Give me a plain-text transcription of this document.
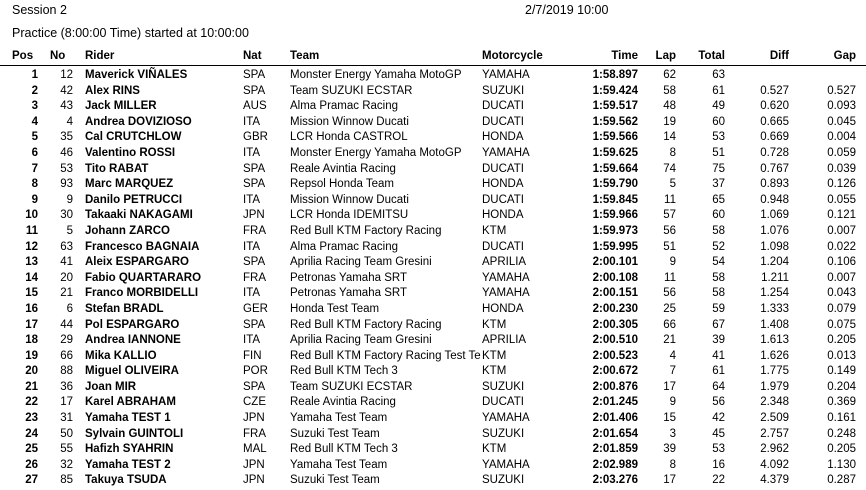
Session 2	2/7/2019 10:00
Practice (8:00:00 Time) started at 10:00:00
Pos	No	Rider	Nat	Team	Motorcycle	Time	Lap	Total	Diff	Gap
1	12	Maverick VIÑALES	SPA	Monster Energy Yamaha MotoGP	YAMAHA	1:58.897	62	63		
2	42	Alex RINS	SPA	Team SUZUKI ECSTAR	SUZUKI	1:59.424	58	61	0.527	0.527
3	43	Jack MILLER	AUS	Alma Pramac Racing	DUCATI	1:59.517	48	49	0.620	0.093
4	4	Andrea DOVIZIOSO	ITA	Mission Winnow Ducati	DUCATI	1:59.562	19	60	0.665	0.045
5	35	Cal CRUTCHLOW	GBR	LCR Honda CASTROL	HONDA	1:59.566	14	53	0.669	0.004
6	46	Valentino ROSSI	ITA	Monster Energy Yamaha MotoGP	YAMAHA	1:59.625	8	51	0.728	0.059
7	53	Tito RABAT	SPA	Reale Avintia Racing	DUCATI	1:59.664	74	75	0.767	0.039
8	93	Marc MARQUEZ	SPA	Repsol Honda Team	HONDA	1:59.790	5	37	0.893	0.126
9	9	Danilo PETRUCCI	ITA	Mission Winnow Ducati	DUCATI	1:59.845	11	65	0.948	0.055
10	30	Takaaki NAKAGAMI	JPN	LCR Honda IDEMITSU	HONDA	1:59.966	57	60	1.069	0.121
11	5	Johann ZARCO	FRA	Red Bull KTM Factory Racing	KTM	1:59.973	56	58	1.076	0.007
12	63	Francesco BAGNAIA	ITA	Alma Pramac Racing	DUCATI	1:59.995	51	52	1.098	0.022
13	41	Aleix ESPARGARO	SPA	Aprilia Racing Team Gresini	APRILIA	2:00.101	9	54	1.204	0.106
14	20	Fabio QUARTARARO	FRA	Petronas Yamaha SRT	YAMAHA	2:00.108	11	58	1.211	0.007
15	21	Franco MORBIDELLI	ITA	Petronas Yamaha SRT	YAMAHA	2:00.151	56	58	1.254	0.043
16	6	Stefan BRADL	GER	Honda Test Team	HONDA	2:00.230	25	59	1.333	0.079
17	44	Pol ESPARGARO	SPA	Red Bull KTM Factory Racing	KTM	2:00.305	66	67	1.408	0.075
18	29	Andrea IANNONE	ITA	Aprilia Racing Team Gresini	APRILIA	2:00.510	21	39	1.613	0.205
19	66	Mika KALLIO	FIN	Red Bull KTM Factory Racing Test Te	KTM	2:00.523	4	41	1.626	0.013
20	88	Miguel OLIVEIRA	POR	Red Bull KTM Tech 3	KTM	2:00.672	7	61	1.775	0.149
21	36	Joan MIR	SPA	Team SUZUKI ECSTAR	SUZUKI	2:00.876	17	64	1.979	0.204
22	17	Karel ABRAHAM	CZE	Reale Avintia Racing	DUCATI	2:01.245	9	56	2.348	0.369
23	31	Yamaha TEST 1	JPN	Yamaha Test Team	YAMAHA	2:01.406	15	42	2.509	0.161
24	50	Sylvain GUINTOLI	FRA	Suzuki Test Team	SUZUKI	2:01.654	3	45	2.757	0.248
25	55	Hafizh SYAHRIN	MAL	Red Bull KTM Tech 3	KTM	2:01.859	39	53	2.962	0.205
26	32	Yamaha TEST 2	JPN	Yamaha Test Team	YAMAHA	2:02.989	8	16	4.092	1.130
27	85	Takuya TSUDA	JPN	Suzuki Test Team	SUZUKI	2:03.276	17	22	4.379	0.287
